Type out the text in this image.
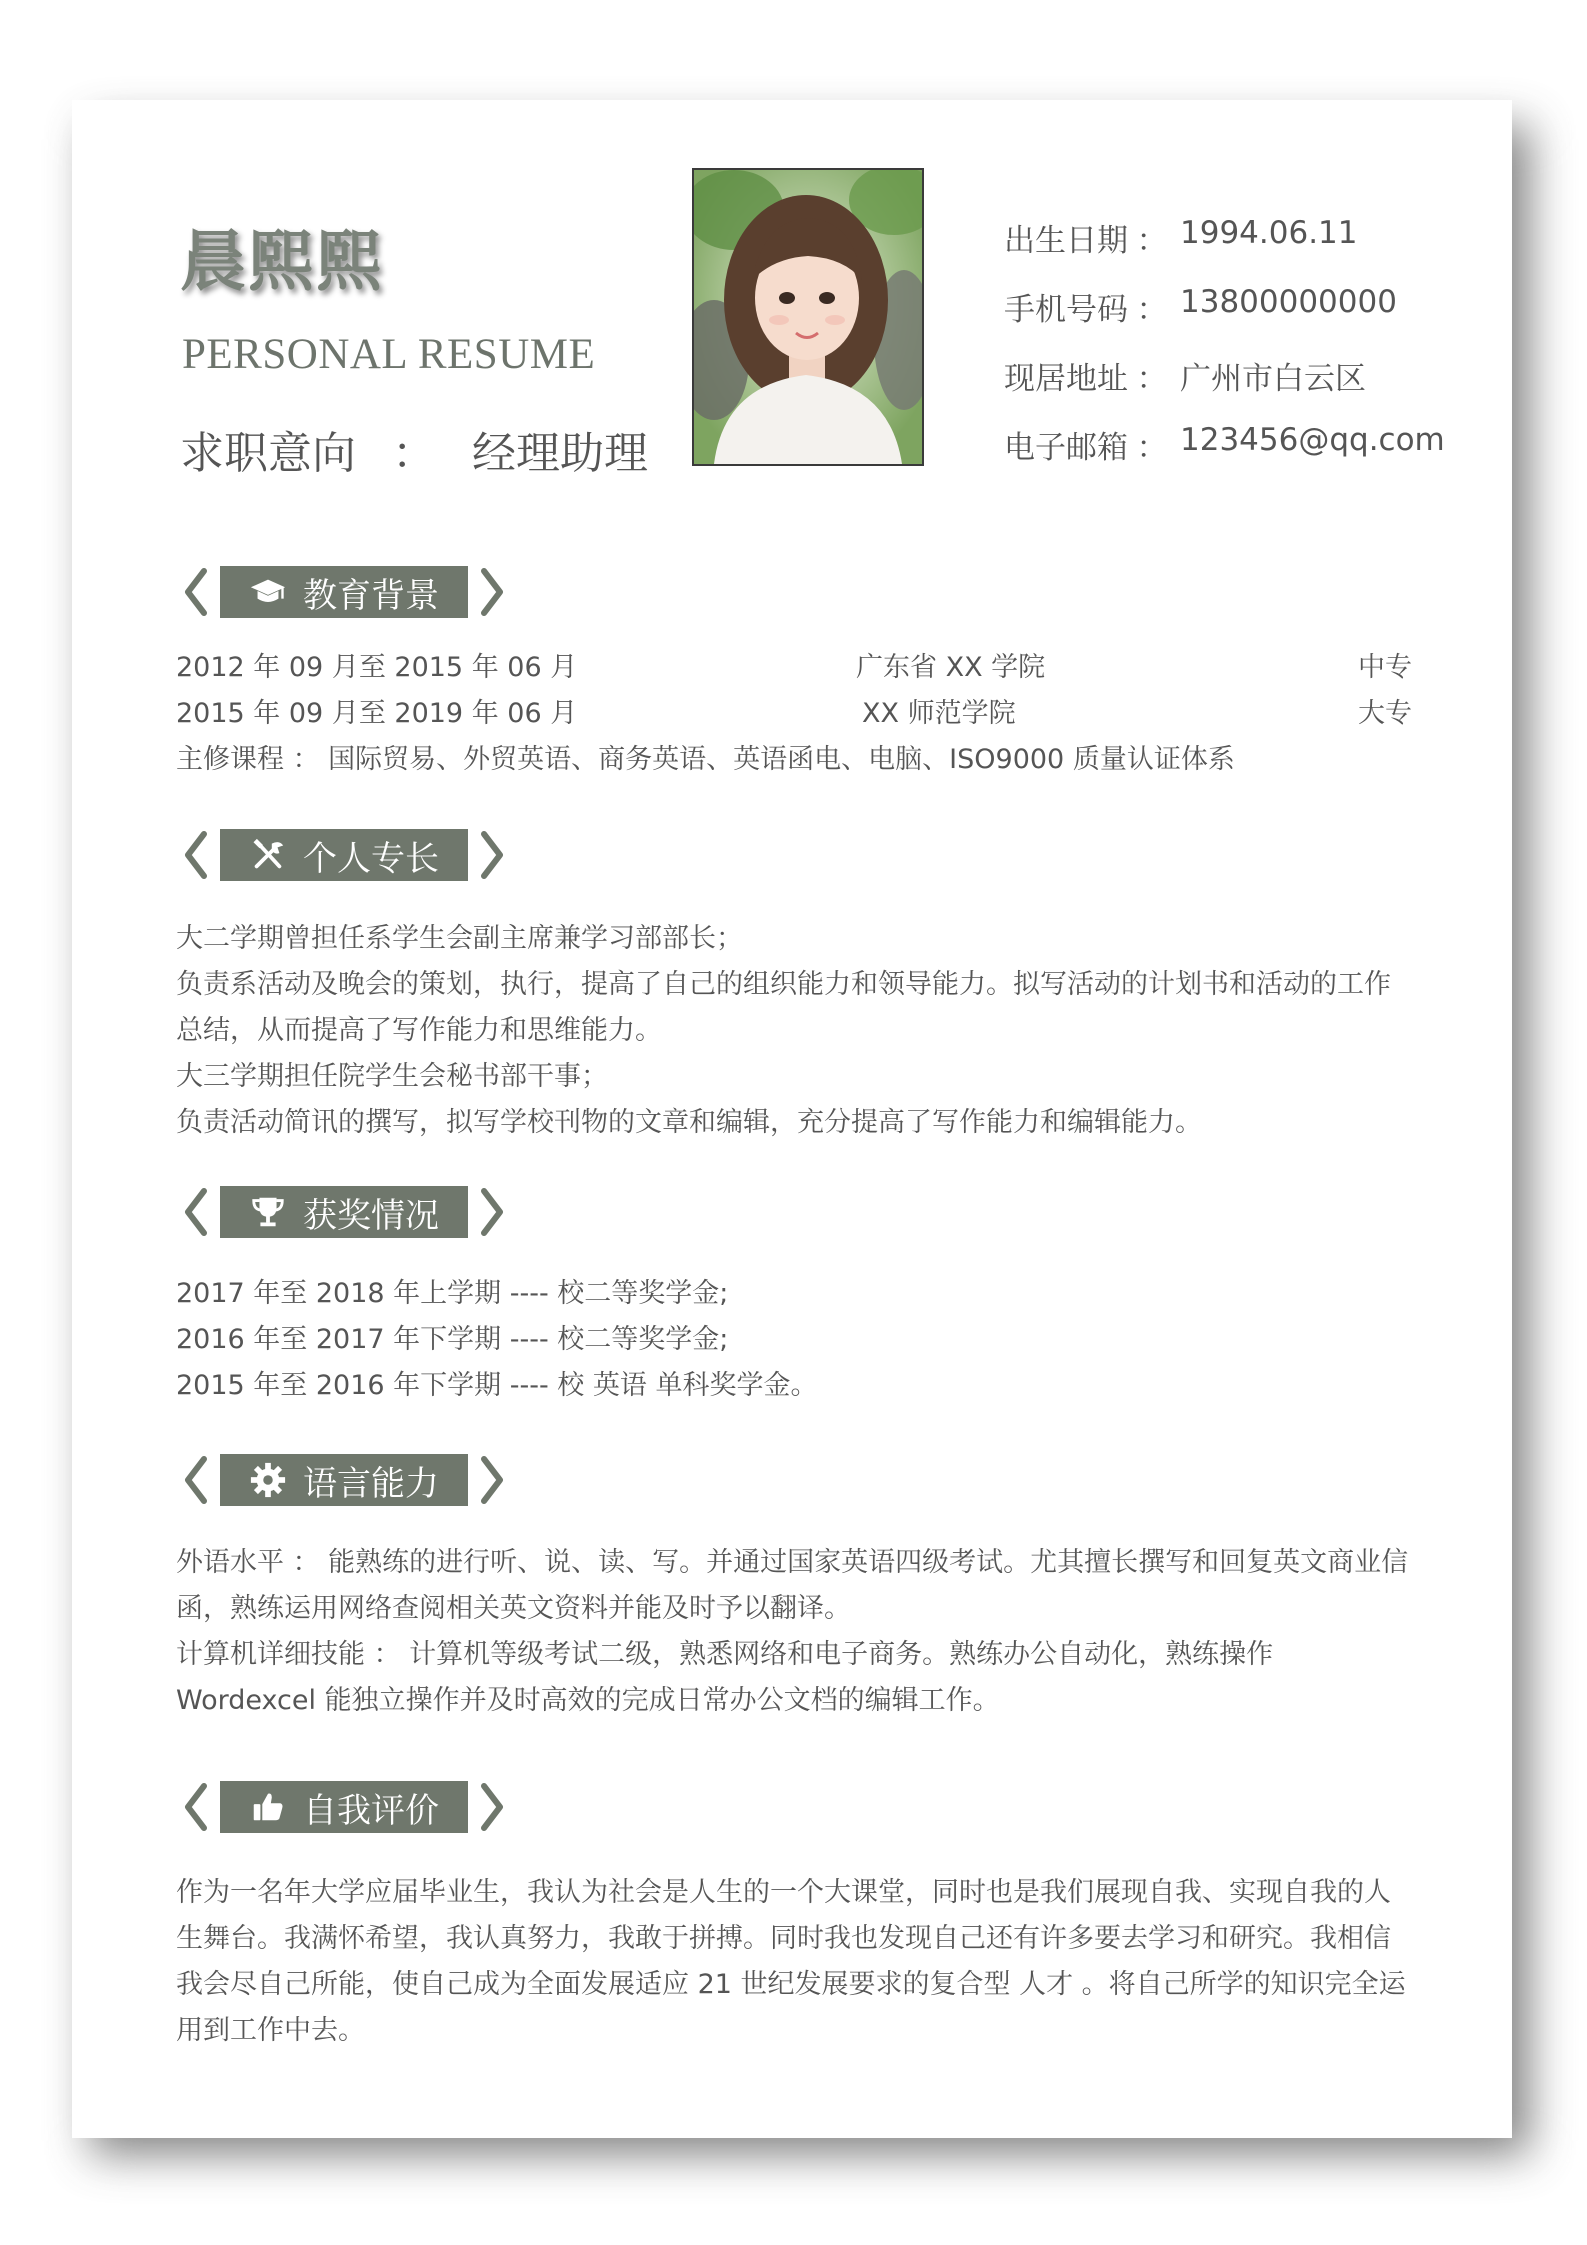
晨熙熙
PERSONAL RESUME
求职意向 ： 经理助理
出生日期 ： 1994.06.11
手机号码 ： 13800000000
现居地址 ： 广州市白云区
电子邮箱 ： 123456@qq.com
教育背景
2012 年 09 月至 2015 年 06 月	广东省 XX 学院	中专
2015 年 09 月至 2019 年 06 月	XX 师范学院	大专

主修课程 ： 国际贸易、外贸英语、商务英语、英语函电、电脑、ISO9000 质量认证体系

个人专长

大二学期曾担任系学生会副主席兼学习部部长；

负责系活动及晚会的策划，执行，提高了自己的组织能力和领导能力。拟写活动的计划书和活动的工作总结，从而提高了写作能力和思维能力。

大三学期担任院学生会秘书部干事；

负责活动简讯的撰写，拟写学校刊物的文章和编辑，充分提高了写作能力和编辑能力。

获奖情况

2017 年至 2018 年上学期 ---- 校二等奖学金;

2016 年至 2017 年下学期 ---- 校二等奖学金;

2015 年至 2016 年下学期 ---- 校 英语 单科奖学金。

语言能力

外语水平 ： 能熟练的进行听、说、读、写。并通过国家英语四级考试。尤其擅长撰写和回复英文商业信函，熟练运用网络查阅相关英文资料并能及时予以翻译。

计算机详细技能 ： 计算机等级考试二级，熟悉网络和电子商务。熟练办公自动化，熟练操作 Wordexcel 能独立操作并及时高效的完成日常办公文档的编辑工作。

自我评价

作为一名年大学应届毕业生，我认为社会是人生的一个大课堂，同时也是我们展现自我、实现自我的人生舞台。我满怀希望，我认真努力，我敢于拼搏。同时我也发现自己还有许多要去学习和研究。我相信我会尽自己所能，使自己成为全面发展适应 21 世纪发展要求的复合型 人才 。将自己所学的知识完全运用到工作中去。
